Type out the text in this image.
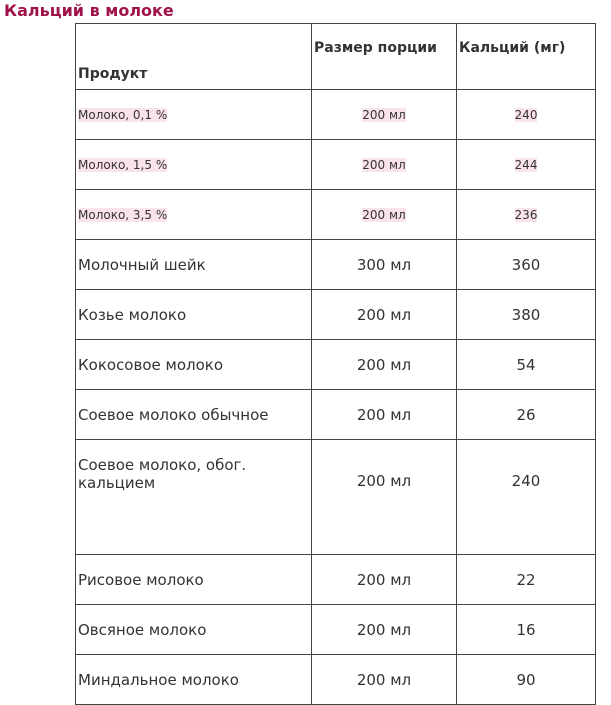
Кальций в молоке
Продукт	Размер порции	Кальций (мг)
Молоко, 0,1 %	200 мл	240
Молоко, 1,5 %	200 мл	244
Молоко, 3,5 %	200 мл	236
Молочный шейк	300 мл	360
Козье молоко	200 мл	380
Кокосовое молоко	200 мл	54
Соевое молоко обычное	200 мл	26
Соевое молоко, обог.
кальцием	200 мл	240
Рисовое молоко	200 мл	22
Овсяное молоко	200 мл	16
Миндальное молоко	200 мл	90
